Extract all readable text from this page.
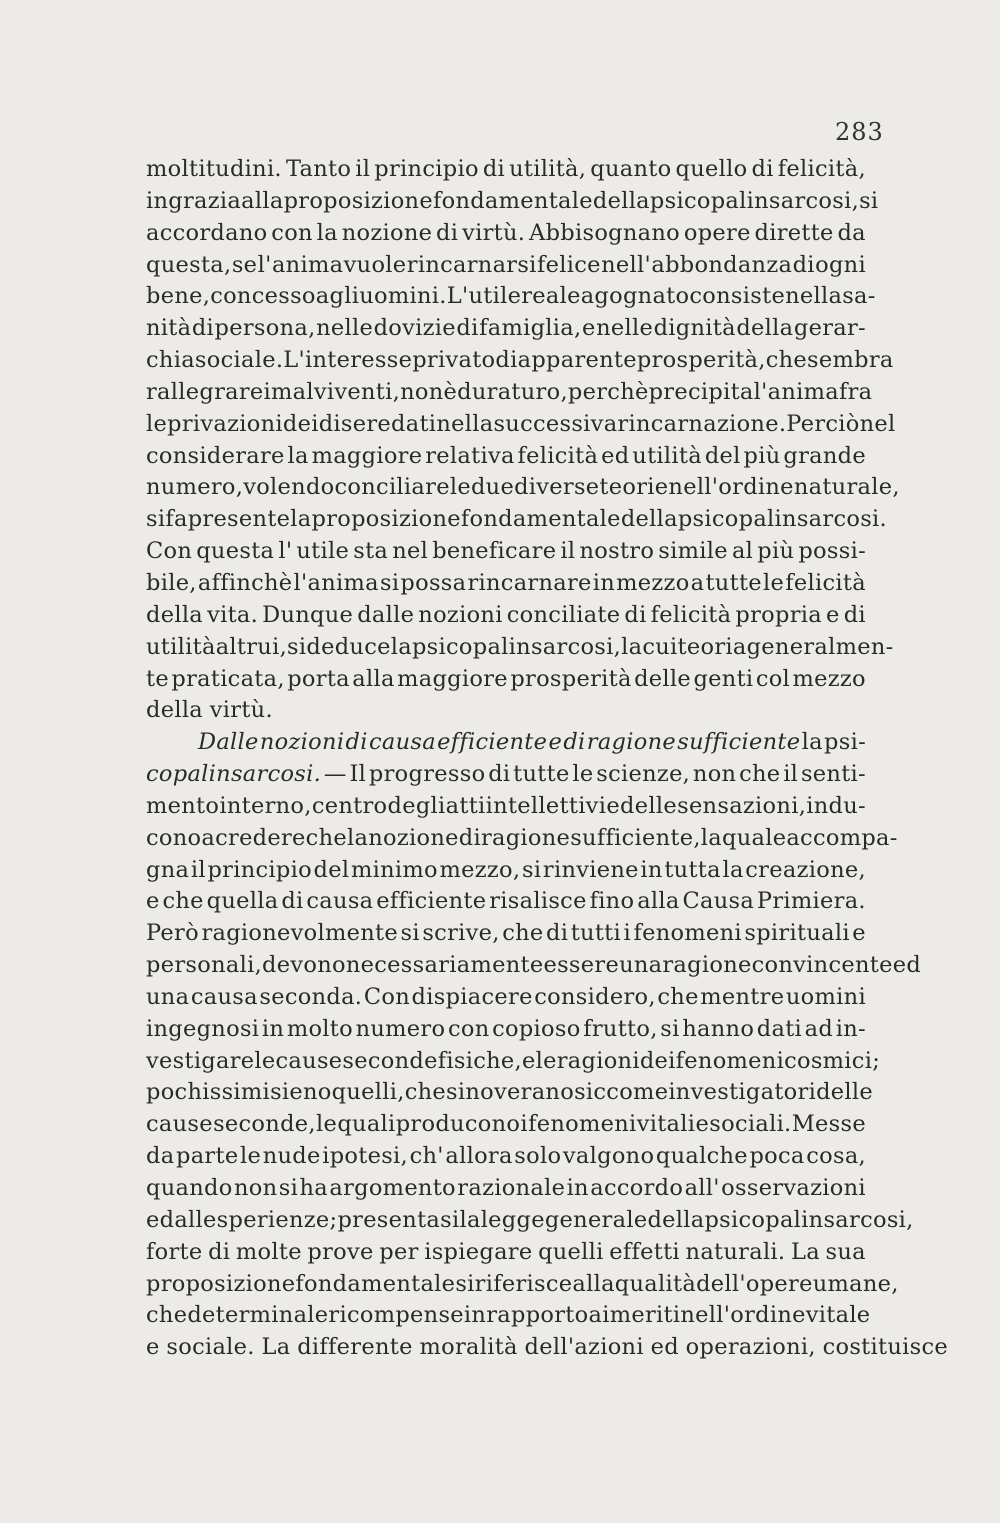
283
moltitudini. Tanto il principio di utilità, quanto quello di felicità,
in grazia alla proposizione fondamentale della psicopalinsarcosi, si
accordano con la nozione di virtù. Abbisognano opere dirette da
questa, se l' anima vuole rincarnarsi felice nell' abbondanza di ogni
bene, concesso agli uomini. L'utile reale agognato consiste nella sa-
nità di persona, nelle dovizie di famiglia, e nelle dignità della gerar-
chia sociale. L'interesse privato di apparente prosperità, che sembra
rallegrare i malviventi, non è duraturo, perchè precipita l'anima fra
le privazioni dei diseredati nella successiva rincarnazione. Perciò nel
considerare la maggiore relativa felicità ed utilità del più grande
numero, volendo conciliare le due diverse teorie nell'ordine naturale,
si fa presente la proposizione fondamentale della psicopalinsarcosi.
Con questa l' utile sta nel beneficare il nostro simile al più possi-
bile, affinchè l'anima si possa rincarnare in mezzo a tutte le felicità
della vita. Dunque dalle nozioni conciliate di felicità propria e di
utilità altrui, si deduce la psicopalinsarcosi, la cui teoria generalmen-
te praticata, porta alla maggiore prosperità delle genti col mezzo
della virtù.
Dalle nozioni di causa efficiente e di ragione sufficiente la psi-
copalinsarcosi. — Il progresso di tutte le scienze, non che il senti-
mento interno, centro degli atti intellettivi e delle sensazioni, indu-
cono a credere che la nozione di ragione sufficiente, la quale accompa-
gna il principio del minimo mezzo, si rinviene in tutta la creazione,
e che quella di causa efficiente risalisce fino alla Causa Primiera.
Però ragionevolmente si scrive, che di tutti i fenomeni spirituali e
personali, devono necessariamente essere una ragione convincente ed
una causa seconda. Con dispiacere considero, che mentre uomini
ingegnosi in molto numero con copioso frutto, si hanno dati ad in-
vestigare le cause seconde fisiche, e le ragioni dei fenomeni cosmici;
pochissimi sieno quelli, che si noverano siccome investigatori delle
cause seconde, le quali producono i fenomeni vitali e sociali. Messe
da parte le nude ipotesi, ch' allora solo valgono qualche poca cosa,
quando non si ha argomento razionale in accordo all' osservazioni
ed alle sperienze; presentasi la legge generale della psicopalinsarcosi,
forte di molte prove per ispiegare quelli effetti naturali. La sua
proposizione fondamentale si riferisce alla qualità dell'opere umane,
che determina le ricompense in rapporto ai meriti nell'ordine vitale
e sociale. La differente moralità dell'azioni ed operazioni, costituisce
